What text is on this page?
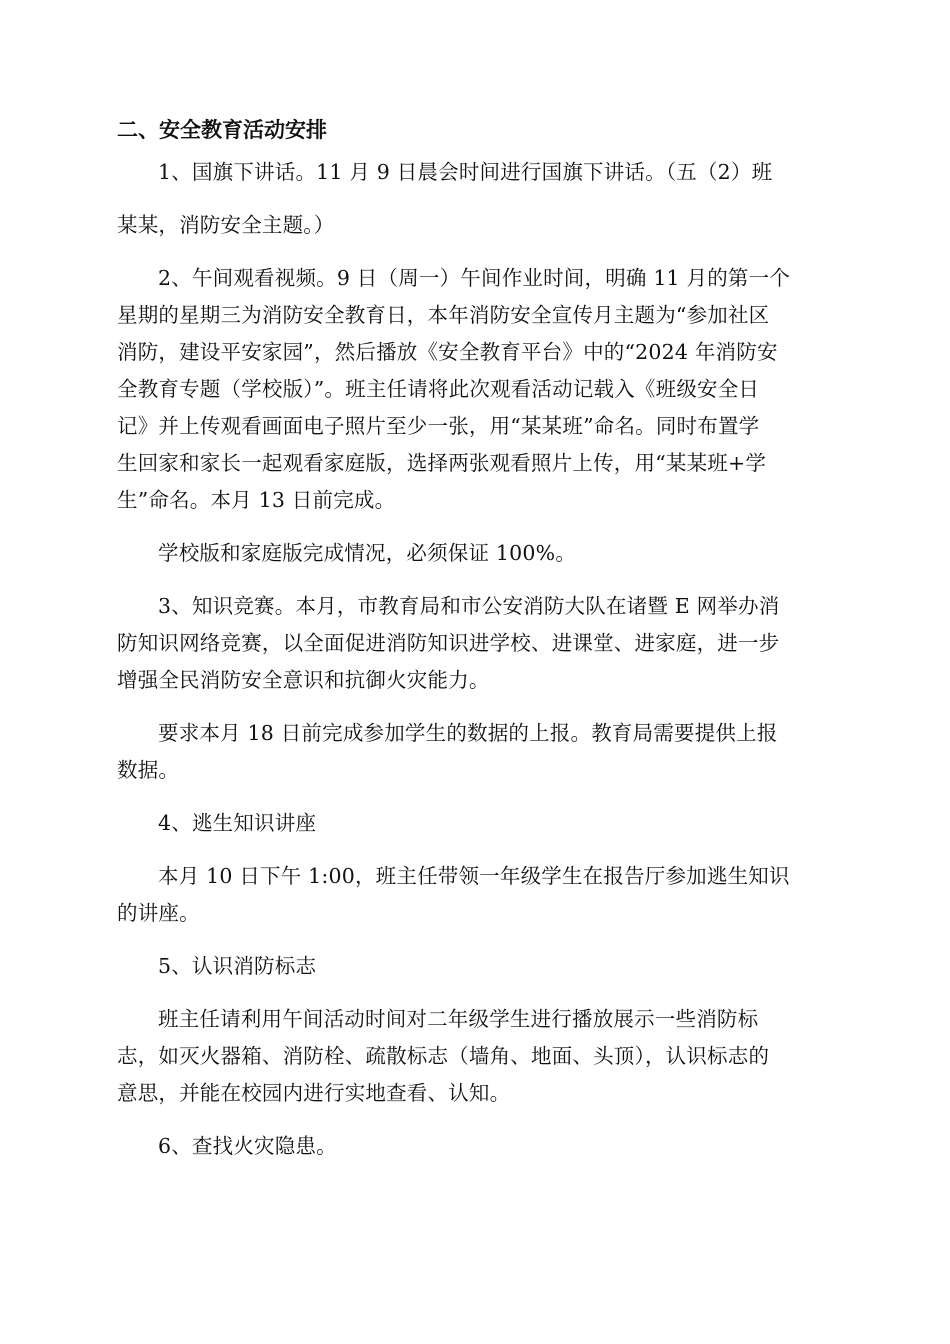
二、安全教育活动安排
1、国旗下讲话。11 月 9 日晨会时间进行国旗下讲话。（五（2）班
某某，消防安全主题。）
2、午间观看视频。9 日（周一）午间作业时间，明确 11 月的第一个
星期的星期三为消防安全教育日，本年消防安全宣传月主题为“参加社区
消防，建设平安家园”，然后播放《安全教育平台》中的“2024 年消防安
全教育专题（学校版）”。班主任请将此次观看活动记载入《班级安全日
记》并上传观看画面电子照片至少一张，用“某某班”命名。同时布置学
生回家和家长一起观看家庭版，选择两张观看照片上传，用“某某班+学
生”命名。本月 13 日前完成。
学校版和家庭版完成情况，必须保证 100%。
3、知识竞赛。本月，市教育局和市公安消防大队在诸暨 E 网举办消
防知识网络竞赛，以全面促进消防知识进学校、进课堂、进家庭，进一步
增强全民消防安全意识和抗御火灾能力。
要求本月 18 日前完成参加学生的数据的上报。教育局需要提供上报
数据。
4、逃生知识讲座
本月 10 日下午 1:00，班主任带领一年级学生在报告厅参加逃生知识
的讲座。
5、认识消防标志
班主任请利用午间活动时间对二年级学生进行播放展示一些消防标
志，如灭火器箱、消防栓、疏散标志（墙角、地面、头顶），认识标志的
意思，并能在校园内进行实地查看、认知。
6、查找火灾隐患。
